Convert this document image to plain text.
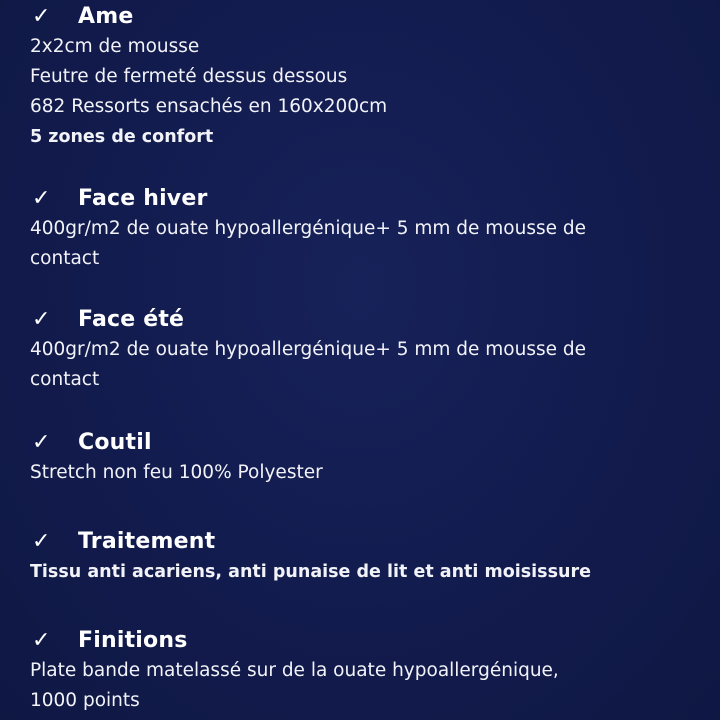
✓	Ame
2x2cm de mousse
Feutre de fermeté dessus dessous
682 Ressorts ensachés en 160x200cm
5 zones de confort
✓	Face hiver
400gr/m2 de ouate hypoallergénique+ 5 mm de mousse de
contact
✓	Face été
400gr/m2 de ouate hypoallergénique+ 5 mm de mousse de
contact
✓	Coutil
Stretch non feu 100% Polyester
✓	Traitement
Tissu anti acariens, anti punaise de lit et anti moisissure
✓	Finitions
Plate bande matelassé sur de la ouate hypoallergénique,
1000 points
